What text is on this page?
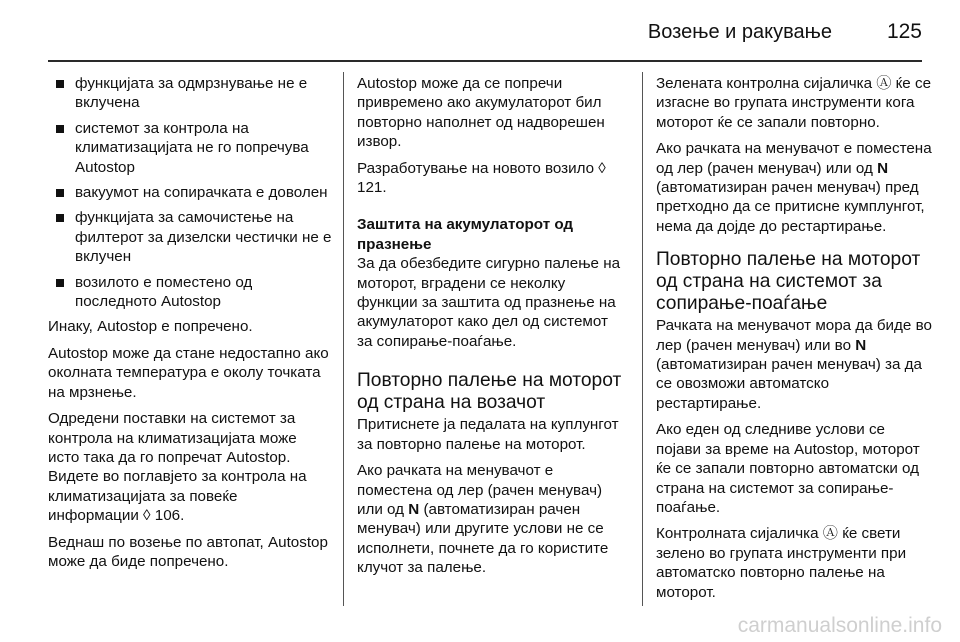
Возење и ракување	125
функцијата за одмрзнување не е вклучена
системот за контрола на климатизацијата не го попречува Autostop
вакуумот на сопирачката е доволен
функцијата за самочистење на филтерот за дизелски честички не е вклучен
возилото е поместено од последното Autostop

Инаку, Autostop е попречено.

Autostop може да стане недостапно ако околната температура е околу точката на мрзнење.

Одредени поставки на системот за контрола на климатизацијата може исто така да го попречат Autostop. Видете во поглавјето за контрола на климатизацијата за повеќе информации ◊ 106.

Веднаш по возење по автопат, Autostop може да биде попречено.

Autostop може да се попречи привремено ако акумулаторот бил повторно наполнет од надворешен извор.

Разработување на новото возило ◊ 121.

Заштита на акумулаторот од празнење

За да обезбедите сигурно палење на моторот, вградени се неколку функции за заштита од празнење на акумулаторот како дел од системот за сопирање-поаѓање.

Повторно палење на моторот од страна на возачот

Притиснете ја педалата на куплунгот за повторно палење на моторот.

Ако рачката на менувачот е поместена од лер (рачен менувач) или од N (автоматизиран рачен менувач) или другите услови не се исполнети, почнете да го користите клучот за палење.

Зелената контролна сијаличка Ⓐ ќе се изгасне во групата инструменти кога моторот ќе се запали повторно.

Ако рачката на менувачот е поместена од лер (рачен менувач) или од N (автоматизиран рачен менувач) пред претходно да се притисне кумплунгот, нема да дојде до рестартирање.

Повторно палење на моторот од страна на системот за сопирање-поаѓање

Рачката на менувачот мора да биде во лер (рачен менувач) или во N (автоматизиран рачен менувач) за да се овозможи автоматско рестартирање.

Ако еден од следниве услови се појави за време на Autostop, моторот ќе се запали повторно автоматски од страна на системот за сопирање-поаѓање.

Контролната сијаличка Ⓐ ќе свети зелено во групата инструменти при автоматско повторно палење на моторот.

carmanualsonline.info
